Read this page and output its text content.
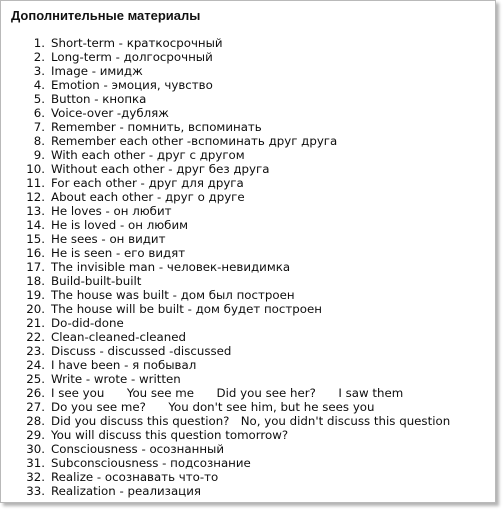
Дополнительные материалы
1. Short-term - краткосрочный
2. Long-term - долгосрочный
3. Image - имидж
4. Emotion - эмоция, чувство
5. Button - кнопка
6. Voice-over -дубляж
7. Remember - помнить, вспоминать
8. Remember each other -вспоминать друг друга
9. With each other - друг с другом
10. Without each other - друг без друга
11. For each other - друг для друга
12. About each other - друг о друге
13. He loves - он любит
14. He is loved - он любим
15. He sees - он видит
16. He is seen - его видят
17. The invisible man - человек-невидимка
18. Build-built-built
19. The house was built - дом был построен
20. The house will be built - дом будет построен
21. Do-did-done
22. Clean-cleaned-cleaned
23. Discuss - discussed -discussed
24. I have been - я побывал
25. Write - wrote - written
26. I see you      You see me      Did you see her?      I saw them
27. Do you see me?      You don't see him, but he sees you
28. Did you discuss this question?   No, you didn't discuss this question
29. You will discuss this question tomorrow?
30. Consciousness - осознанный
31. Subconsciousness - подсознание
32. Realize - осознавать что-то
33. Realization - реализация
